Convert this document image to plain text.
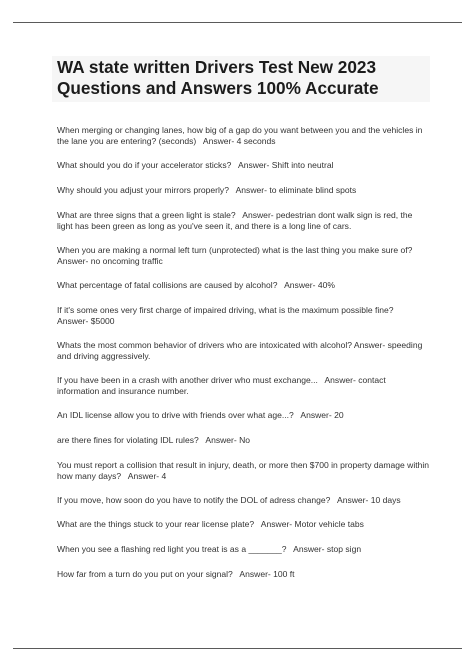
WA state written Drivers Test New 2023
Questions and Answers 100% Accurate
When merging or changing lanes, how big of a gap do you want between you and the vehicles in the lane you are entering? (seconds)   Answer- 4 seconds
What should you do if your accelerator sticks?   Answer- Shift into neutral
Why should you adjust your mirrors properly?   Answer- to eliminate blind spots
What are three signs that a green light is stale?   Answer- pedestrian dont walk sign is red, the light has been green as long as you've seen it, and there is a long line of cars.
When you are making a normal left turn (unprotected) what is the last thing you make sure of?   Answer- no oncoming traffic
What percentage of fatal collisions are caused by alcohol?   Answer- 40%
If it's some ones very first charge of impaired driving, what is the maximum possible fine?   Answer- $5000
Whats the most common behavior of drivers who are intoxicated with alcohol? Answer- speeding and driving aggressively.
If you have been in a crash with another driver who must exchange...   Answer- contact information and insurance number.
An IDL license allow you to drive with friends over what age...?   Answer- 20
are there fines for violating IDL rules?   Answer- No
You must report a collision that result in injury, death, or more then $700 in property damage within how many days?   Answer- 4
If you move, how soon do you have to notify the DOL of adress change?   Answer- 10 days
What are the things stuck to your rear license plate?   Answer- Motor vehicle tabs
When you see a flashing red light you treat is as a _______?   Answer- stop sign
How far from a turn do you put on your signal?   Answer- 100 ft
